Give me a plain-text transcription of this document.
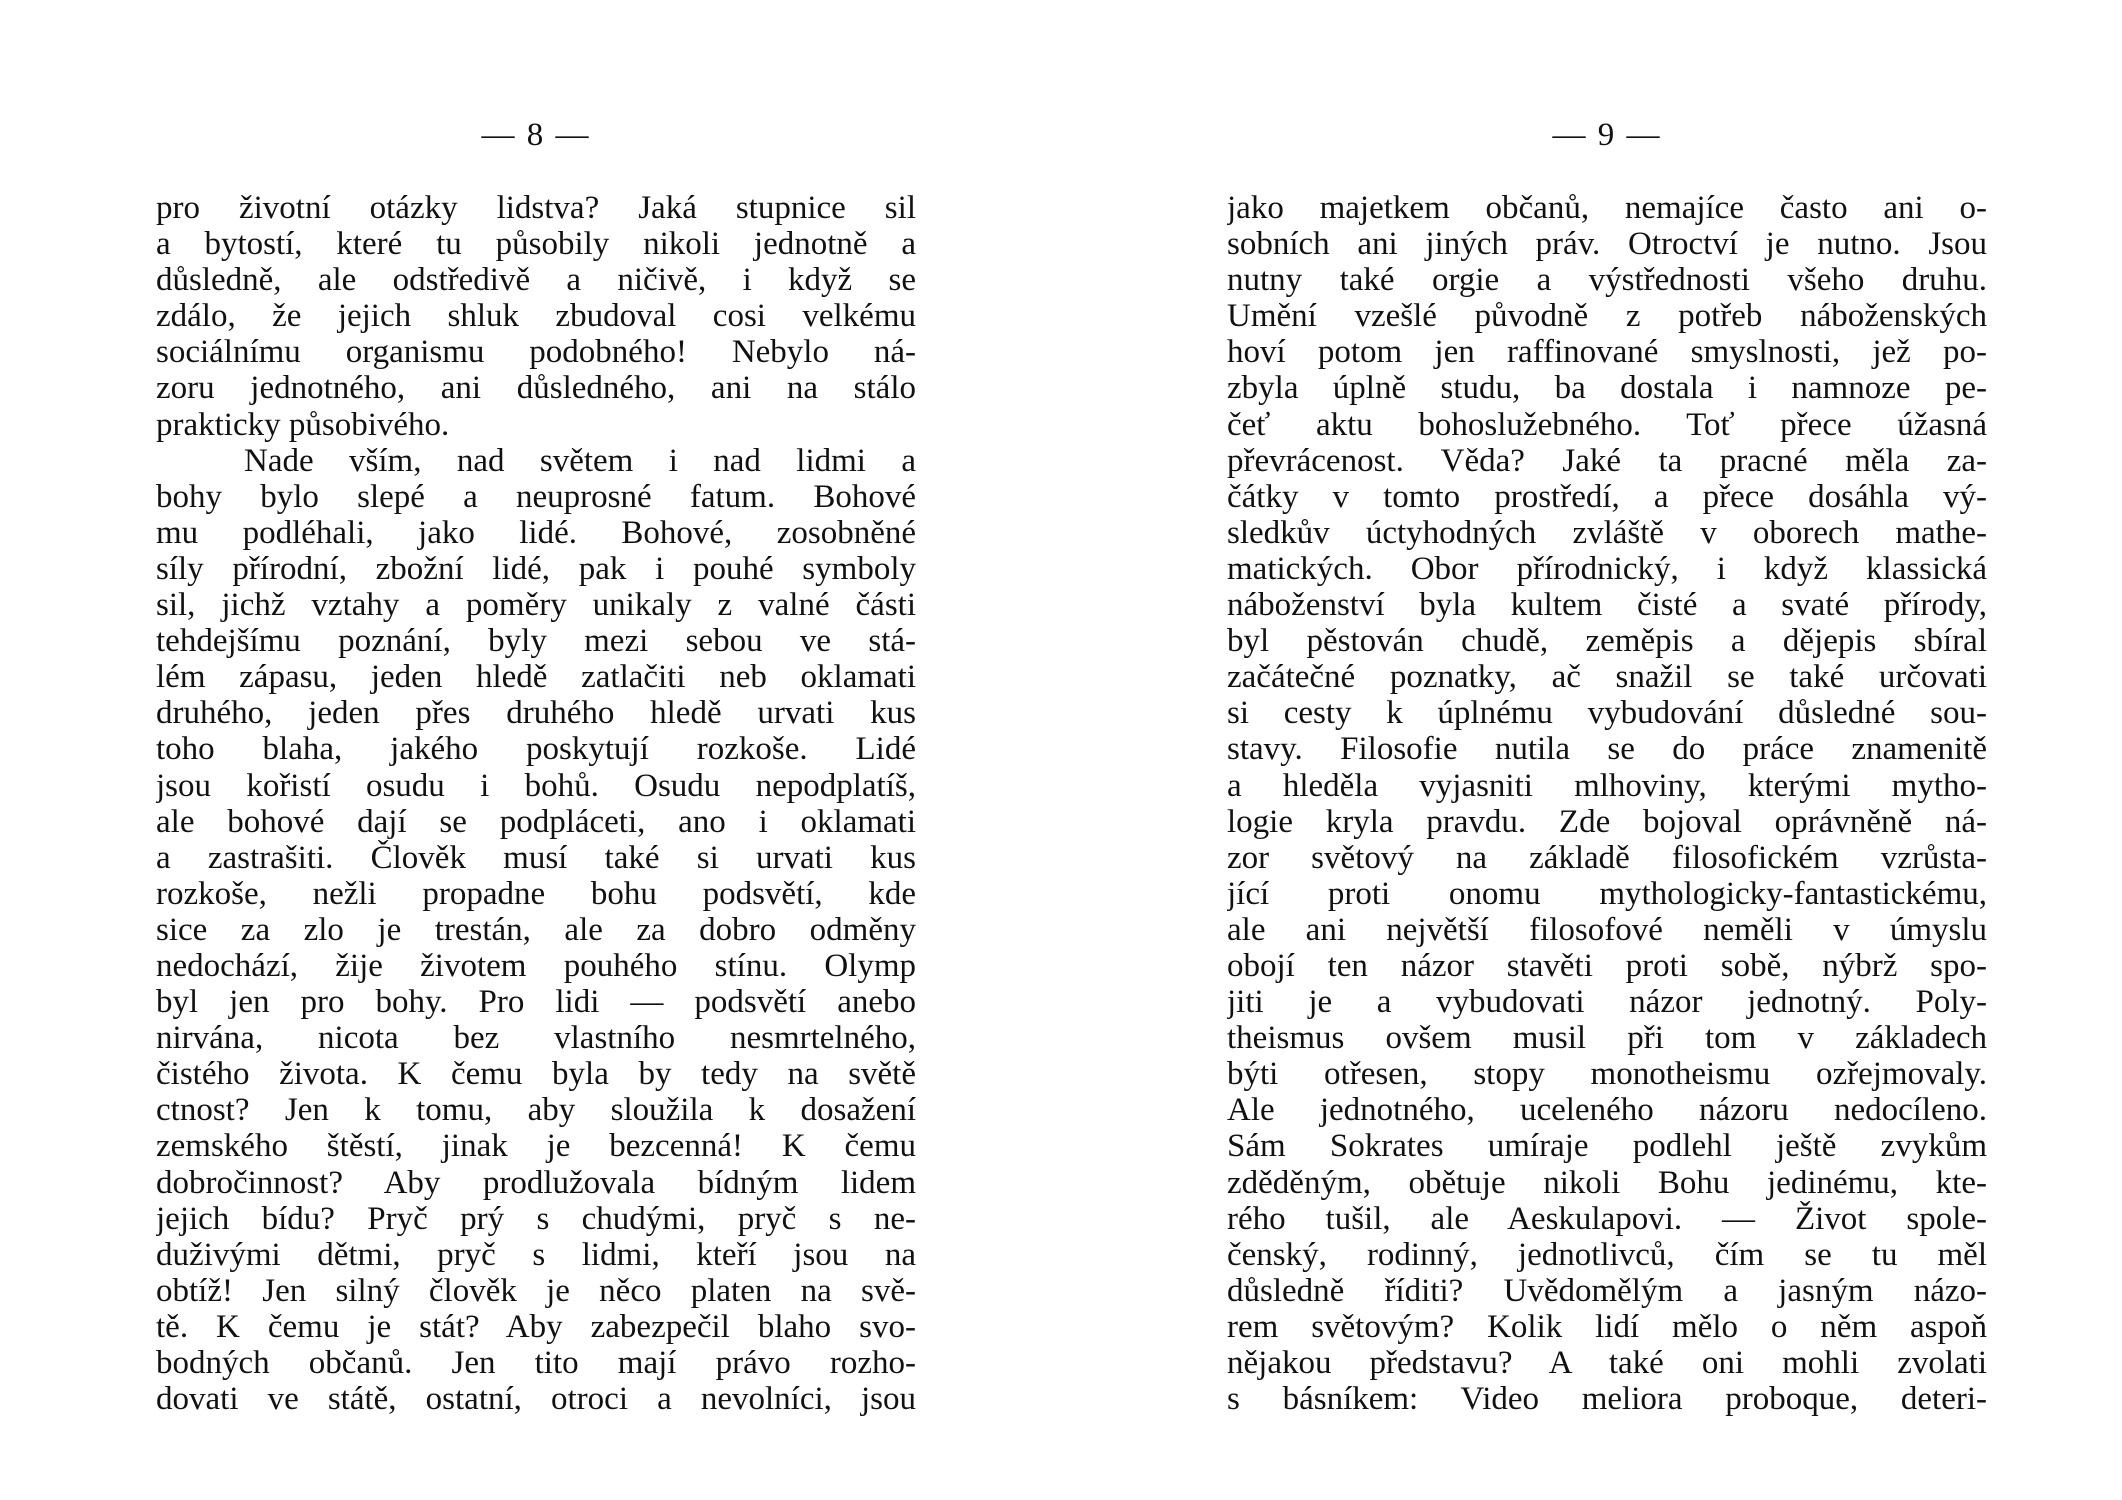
— 8 —
pro životní otázky lidstva? Jaká stupnice sil
a bytostí, které tu působily nikoli jednotně a
důsledně, ale odstředivě a ničivě, i když se
zdálo, že jejich shluk zbudoval cosi velkému
sociálnímu organismu podobného! Nebylo ná-
zoru jednotného, ani důsledného, ani na stálo
prakticky působivého.
Nade vším, nad světem i nad lidmi a
bohy bylo slepé a neuprosné fatum. Bohové
mu podléhali, jako lidé. Bohové, zosobněné
síly přírodní, zbožní lidé, pak i pouhé symboly
sil, jichž vztahy a poměry unikaly z valné části
tehdejšímu poznání, byly mezi sebou ve stá-
lém zápasu, jeden hledě zatlačiti neb oklamati
druhého, jeden přes druhého hledě urvati kus
toho blaha, jakého poskytují rozkoše. Lidé
jsou kořistí osudu i bohů. Osudu nepodplatíš,
ale bohové dají se podpláceti, ano i oklamati
a zastrašiti. Člověk musí také si urvati kus
rozkoše, nežli propadne bohu podsvětí, kde
sice za zlo je trestán, ale za dobro odměny
nedochází, žije životem pouhého stínu. Olymp
byl jen pro bohy. Pro lidi — podsvětí anebo
nirvána, nicota bez vlastního nesmrtelného,
čistého života. K čemu byla by tedy na světě
ctnost? Jen k tomu, aby sloužila k dosažení
zemského štěstí, jinak je bezcenná! K čemu
dobročinnost? Aby prodlužovala bídným lidem
jejich bídu? Pryč prý s chudými, pryč s ne-
duživými dětmi, pryč s lidmi, kteří jsou na
obtíž! Jen silný člověk je něco platen na svě-
tě. K čemu je stát? Aby zabezpečil blaho svo-
bodných občanů. Jen tito mají právo rozho-
dovati ve státě, ostatní, otroci a nevolníci, jsou
— 9 —
jako majetkem občanů, nemajíce často ani o-
sobních ani jiných práv. Otroctví je nutno. Jsou
nutny také orgie a výstřednosti všeho druhu.
Umění vzešlé původně z potřeb náboženských
hoví potom jen raffinované smyslnosti, jež po-
zbyla úplně studu, ba dostala i namnoze pe-
čeť aktu bohoslužebného. Toť přece úžasná
převrácenost. Věda? Jaké ta pracné měla za-
čátky v tomto prostředí, a přece dosáhla vý-
sledkův úctyhodných zvláště v oborech mathe-
matických. Obor přírodnický, i když klassická
náboženství byla kultem čisté a svaté přírody,
byl pěstován chudě, zeměpis a dějepis sbíral
začátečné poznatky, ač snažil se také určovati
si cesty k úplnému vybudování důsledné sou-
stavy. Filosofie nutila se do práce znamenitě
a hleděla vyjasniti mlhoviny, kterými mytho-
logie kryla pravdu. Zde bojoval oprávněně ná-
zor světový na základě filosofickém vzrůsta-
jící proti onomu mythologicky-fantastickému,
ale ani největší filosofové neměli v úmyslu
obojí ten názor stavěti proti sobě, nýbrž spo-
jiti je a vybudovati názor jednotný. Poly-
theismus ovšem musil při tom v základech
býti otřesen, stopy monotheismu ozřejmovaly.
Ale jednotného, uceleného názoru nedocíleno.
Sám Sokrates umíraje podlehl ještě zvykům
zděděným, obětuje nikoli Bohu jedinému, kte-
rého tušil, ale Aeskulapovi. — Život spole-
čenský, rodinný, jednotlivců, čím se tu měl
důsledně říditi? Uvědomělým a jasným názo-
rem světovým? Kolik lidí mělo o něm aspoň
nějakou představu? A také oni mohli zvolati
s básníkem: Video meliora proboque, deteri-
